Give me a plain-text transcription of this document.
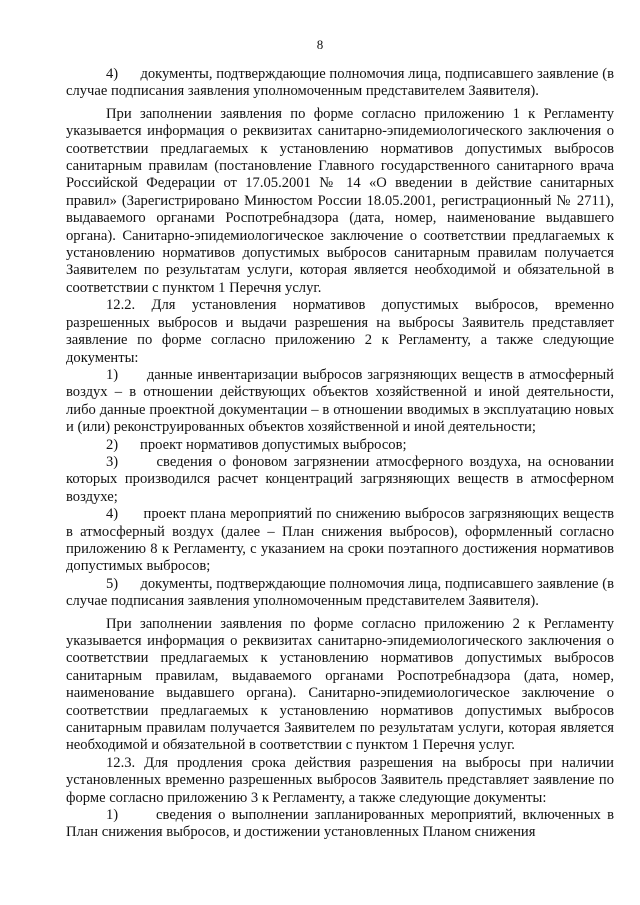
8

4)      документы, подтверждающие полномочия лица, подписавшего заявление (в случае подписания заявления уполномоченным представителем Заявителя).

При заполнении заявления по форме согласно приложению 1 к Регламенту указывается информация о реквизитах санитарно-эпидемиологического заключения о соответствии предлагаемых к установлению нормативов допустимых выбросов санитарным правилам (постановление Главного государственного санитарного врача Российской Федерации от 17.05.2001 № 14 «О введении в действие санитарных правил» (Зарегистрировано Минюстом России 18.05.2001, регистрационный № 2711), выдаваемого органами Роспотребнадзора (дата, номер, наименование выдавшего органа). Санитарно-эпидемиологическое заключение о соответствии предлагаемых к установлению нормативов допустимых выбросов санитарным правилам получается Заявителем по результатам услуги, которая является необходимой и обязательной в соответствии с пунктом 1 Перечня услуг.

12.2. Для установления нормативов допустимых выбросов, временно разрешенных выбросов и выдачи разрешения на выбросы Заявитель представляет заявление по форме согласно приложению 2 к Регламенту, а также следующие документы:

1)      данные инвентаризации выбросов загрязняющих веществ в атмосферный воздух – в отношении действующих объектов хозяйственной и иной деятельности, либо данные проектной документации – в отношении вводимых в эксплуатацию новых и (или) реконструированных объектов хозяйственной и иной деятельности;

2)      проект нормативов допустимых выбросов;

3)      сведения о фоновом загрязнении атмосферного воздуха, на основании которых производился расчет концентраций загрязняющих веществ в атмосферном воздухе;

4)      проект плана мероприятий по снижению выбросов загрязняющих веществ в атмосферный воздух (далее – План снижения выбросов), оформленный согласно приложению 8 к Регламенту, с указанием на сроки поэтапного достижения нормативов допустимых выбросов;

5)      документы, подтверждающие полномочия лица, подписавшего заявление (в случае подписания заявления уполномоченным представителем Заявителя).

При заполнении заявления по форме согласно приложению 2 к Регламенту указывается информация о реквизитах санитарно-эпидемиологического заключения о соответствии предлагаемых к установлению нормативов допустимых выбросов санитарным правилам, выдаваемого органами Роспотребнадзора (дата, номер, наименование выдавшего органа). Санитарно-эпидемиологическое заключение о соответствии предлагаемых к установлению нормативов допустимых выбросов санитарным правилам получается Заявителем по результатам услуги, которая является необходимой и обязательной в соответствии с пунктом 1 Перечня услуг.

12.3. Для продления срока действия разрешения на выбросы при наличии установленных временно разрешенных выбросов Заявитель представляет заявление по форме согласно приложению 3 к Регламенту, а также следующие документы:

1)      сведения о выполнении запланированных мероприятий, включенных в План снижения выбросов, и достижении установленных Планом снижения
